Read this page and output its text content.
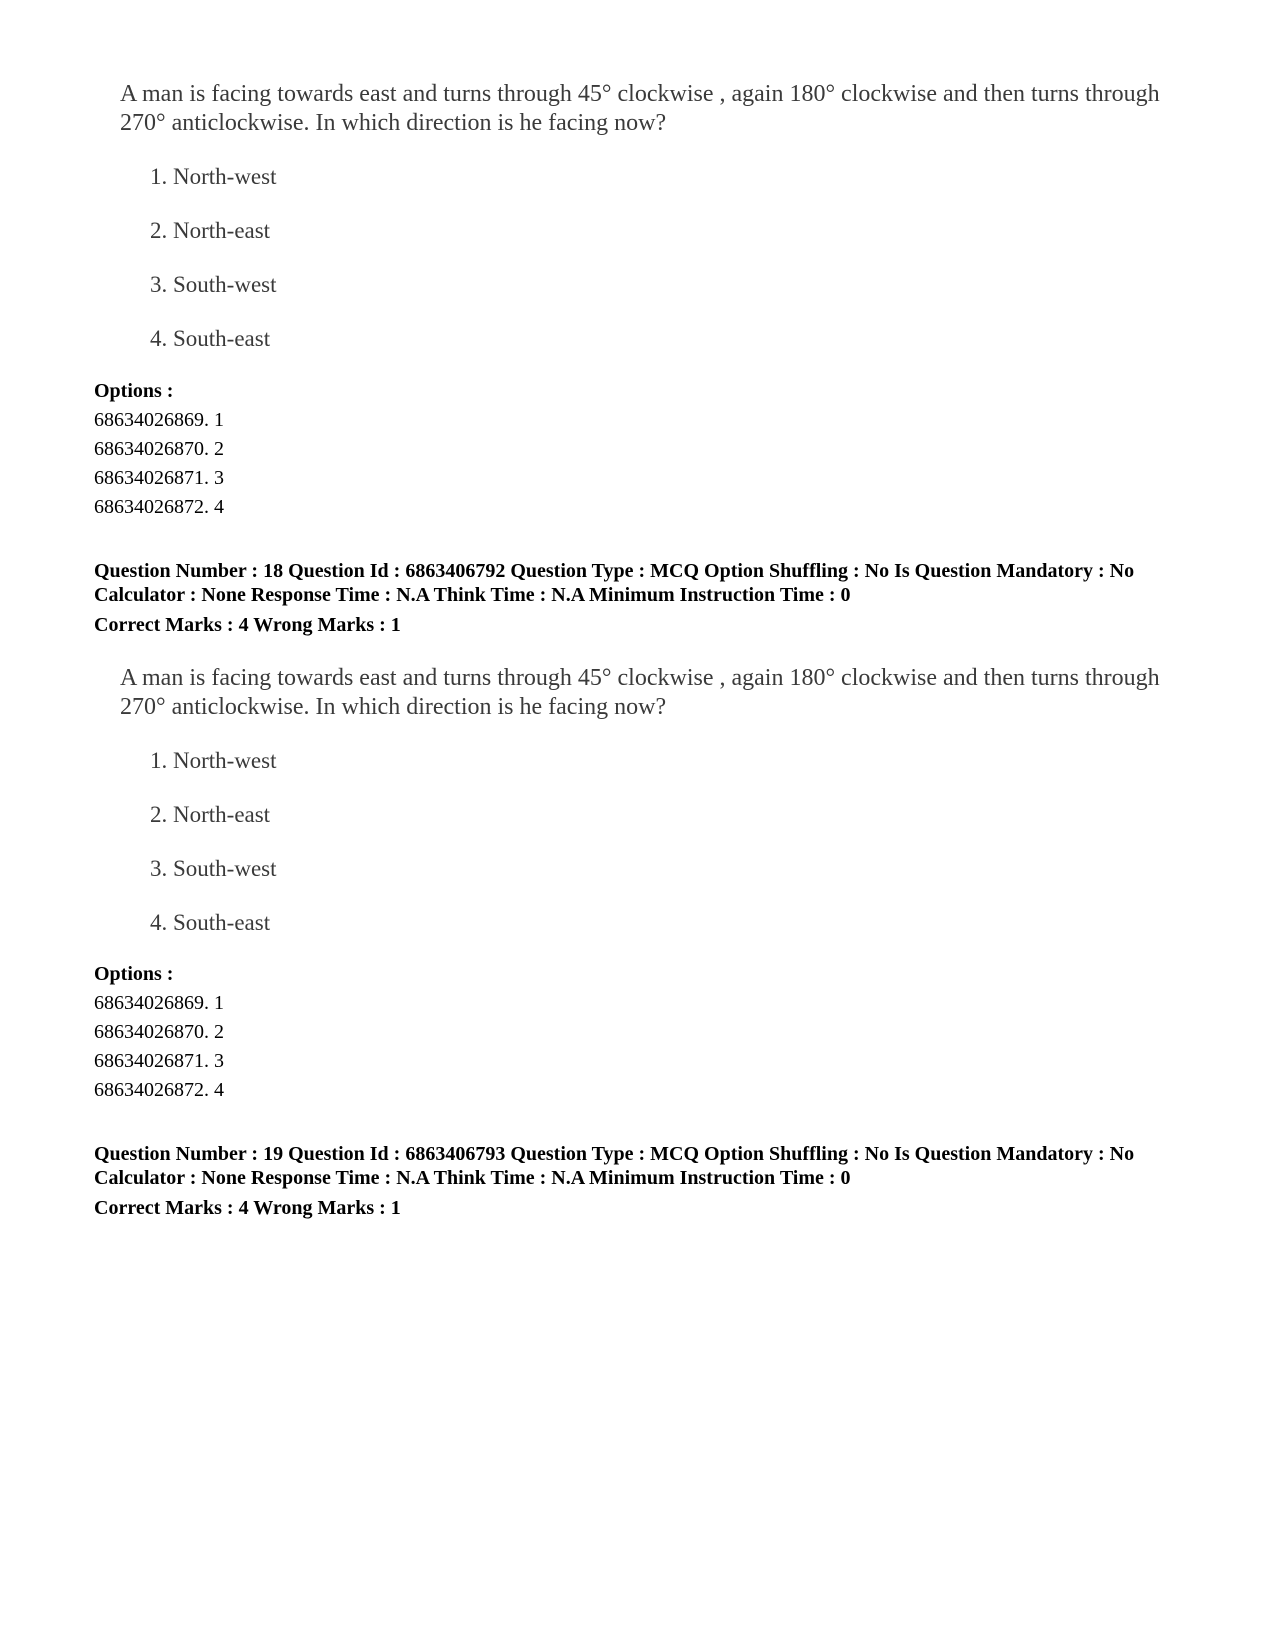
A man is facing towards east and turns through 45° clockwise , again 180° clockwise and then turns through 270° anticlockwise. In which direction is he facing now?
1. North-west
2. North-east
3. South-west
4. South-east
Options :
68634026869. 1
68634026870. 2
68634026871. 3
68634026872. 4
Question Number : 18 Question Id : 6863406792 Question Type : MCQ Option Shuffling : No Is Question Mandatory : No Calculator : None Response Time : N.A Think Time : N.A Minimum Instruction Time : 0
Correct Marks : 4 Wrong Marks : 1
A man is facing towards east and turns through 45° clockwise , again 180° clockwise and then turns through 270° anticlockwise. In which direction is he facing now?
1. North-west
2. North-east
3. South-west
4. South-east
Options :
68634026869. 1
68634026870. 2
68634026871. 3
68634026872. 4
Question Number : 19 Question Id : 6863406793 Question Type : MCQ Option Shuffling : No Is Question Mandatory : No Calculator : None Response Time : N.A Think Time : N.A Minimum Instruction Time : 0
Correct Marks : 4 Wrong Marks : 1
